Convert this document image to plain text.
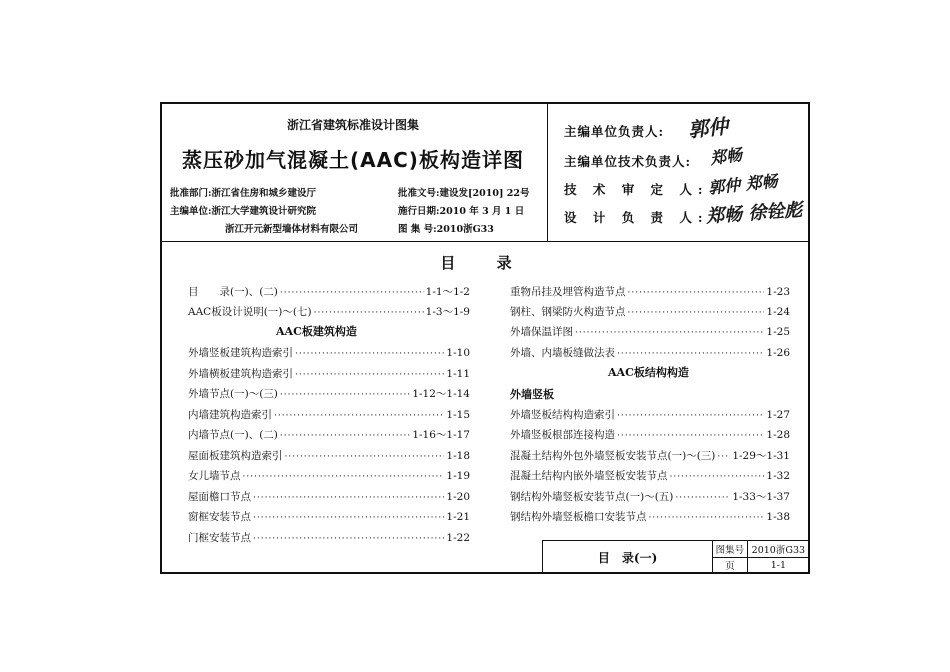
浙江省建筑标准设计图集
蒸压砂加气混凝土(AAC)板构造详图
批准部门:浙江省住房和城乡建设厅
主编单位:浙江大学建筑设计研究院
浙江开元新型墙体材料有限公司
批准文号:建设发[2010] 22号
施行日期:2010 年 3 月 1 日
图 集 号:2010浙G33
主编单位负责人: 郭仲
主编单位技术负责人: 郑畅
技 术 审 定 人:
郭仲 郑畅
设 计 负 责 人:
郑畅 徐铨彪
目 录
目　　录(一)、(二) ·····	1-1～1-2
AAC板设计说明(一)～(七) ·····	1-3～1-9
AAC板建筑构造
外墙竖板建筑构造索引 ·····	1-10
外墙横板建筑构造索引 ·····	1-11
外墙节点(一)～(三) ·····	1-12～1-14
内墙建筑构造索引 ·····	1-15
内墙节点(一)、(二) ·····	1-16～1-17
屋面板建筑构造索引 ·····	1-18
女儿墙节点 ·····	1-19
屋面檐口节点 ·····	1-20
窗框安装节点 ·····	1-21
门框安装节点 ·····	1-22
重物吊挂及埋管构造节点 ·····	1-23
钢柱、钢梁防火构造节点 ·····	1-24
外墙保温详图 ·····	1-25
外墙、内墙板缝做法表 ·····	1-26
AAC板结构构造
外墙竖板
外墙竖板结构构造索引 ·····	1-27
外墙竖板根部连接构造 ·····	1-28
混凝土结构外包外墙竖板安装节点(一)～(三) ····· 1-29～1-31
混凝土结构内嵌外墙竖板安装节点 ·····	1-32
钢结构外墙竖板安装节点(一)～(五) ·····	1-33～1-37
钢结构外墙竖板檐口安装节点 ·····	1-38
目　录(一)	图集号	2010浙G33
	页	1-1
